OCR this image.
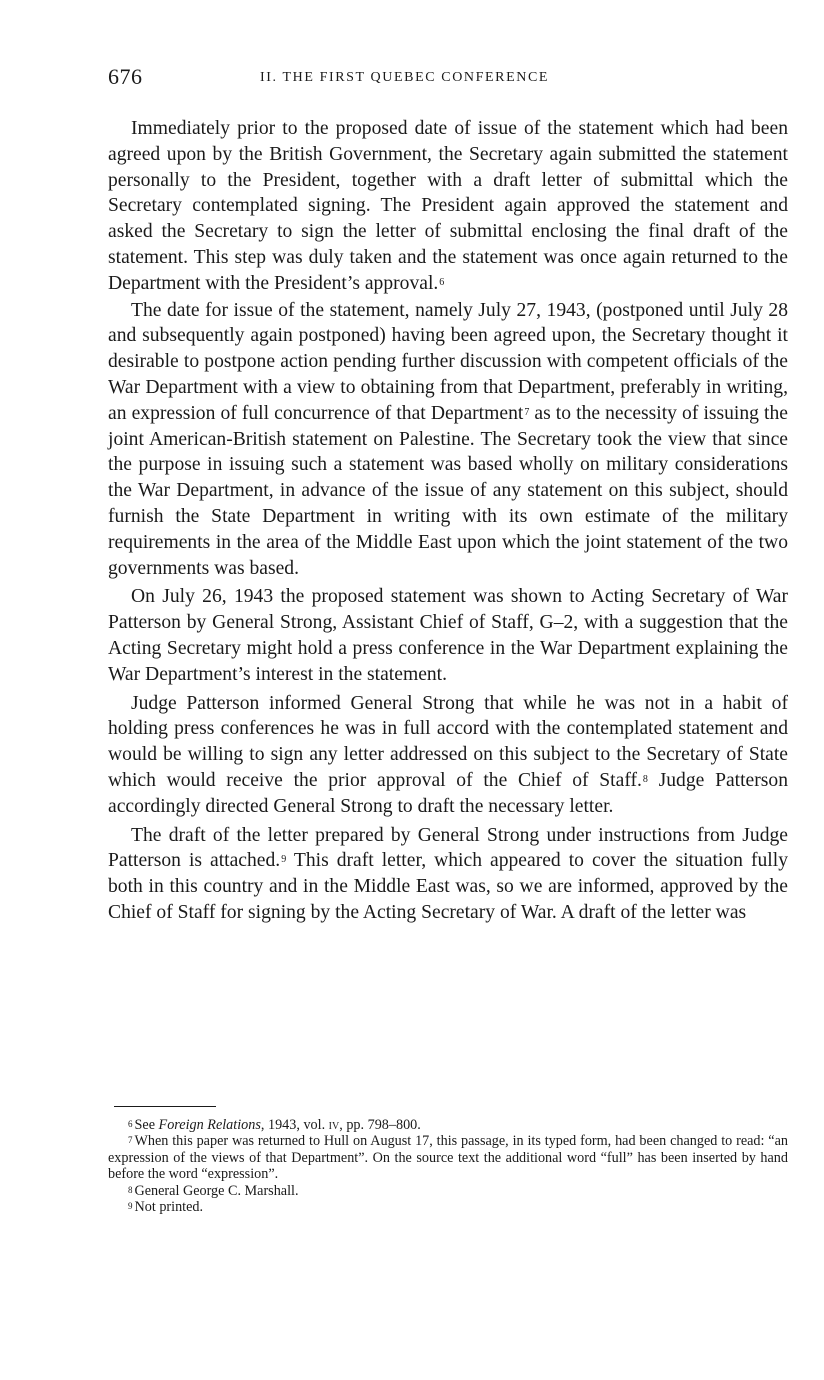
676	II. THE FIRST QUEBEC CONFERENCE

Immediately prior to the proposed date of issue of the statement which had been agreed upon by the British Government, the Secretary again submitted the statement personally to the President, together with a draft letter of submittal which the Secretary contemplated signing. The President again approved the statement and asked the Secretary to sign the letter of submittal enclosing the final draft of the statement. This step was duly taken and the statement was once again returned to the Department with the President’s approval.$^6$

The date for issue of the statement, namely July 27, 1943, (postponed until July 28 and subsequently again postponed) having been agreed upon, the Secretary thought it desirable to postpone action pending further discussion with competent officials of the War Department with a view to obtaining from that Department, preferably in writing, an expression of full concurrence of that Department$^7$ as to the necessity of issuing the joint American-British statement on Palestine. The Secretary took the view that since the purpose in issuing such a statement was based wholly on military considerations the War Department, in advance of the issue of any statement on this subject, should furnish the State Department in writing with its own estimate of the military requirements in the area of the Middle East upon which the joint statement of the two governments was based.

On July 26, 1943 the proposed statement was shown to Acting Secretary of War Patterson by General Strong, Assistant Chief of Staff, G–2, with a suggestion that the Acting Secretary might hold a press conference in the War Department explaining the War Department’s interest in the statement.

Judge Patterson informed General Strong that while he was not in a habit of holding press conferences he was in full accord with the contemplated statement and would be willing to sign any letter addressed on this subject to the Secretary of State which would receive the prior approval of the Chief of Staff.$^8$ Judge Patterson accordingly directed General Strong to draft the necessary letter.

The draft of the letter prepared by General Strong under instructions from Judge Patterson is attached.$^9$ This draft letter, which appeared to cover the situation fully both in this country and in the Middle East was, so we are informed, approved by the Chief of Staff for signing by the Acting Secretary of War. A draft of the letter was

$^6$ See Foreign Relations, 1943, vol. iv, pp. 798–800.

$^7$ When this paper was returned to Hull on August 17, this passage, in its typed form, had been changed to read: “an expression of the views of that Department”. On the source text the additional word “full” has been inserted by hand before the word “expression”.

$^8$ General George C. Marshall.

$^9$ Not printed.
